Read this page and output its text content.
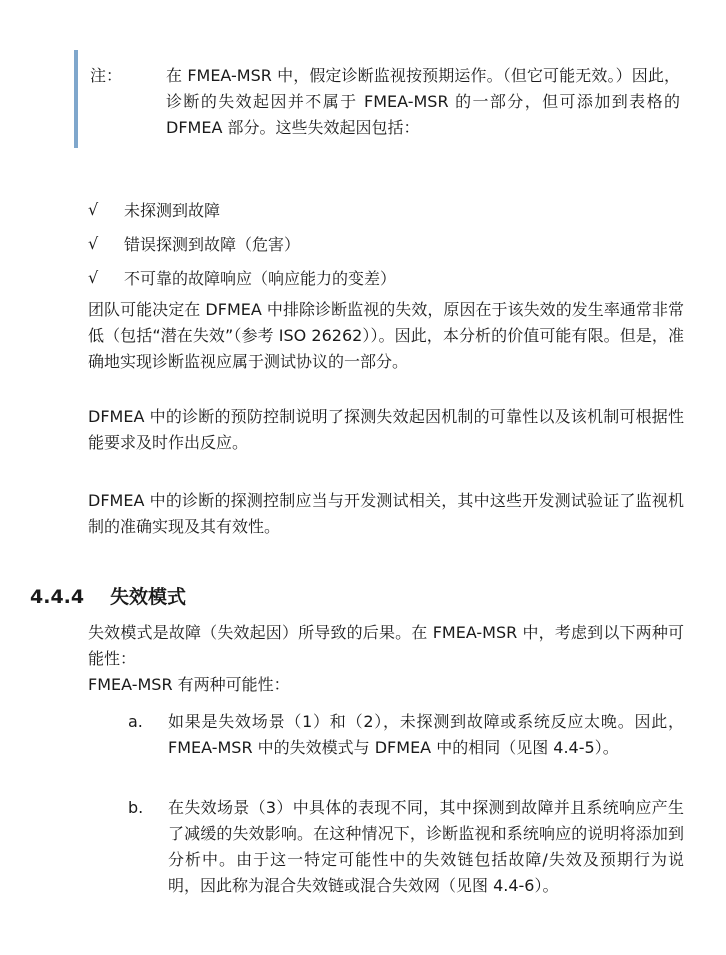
注：	在 FMEA-MSR 中，假定诊断监视按预期运作。（但它可能无效。）因此，诊断的失效起因并不属于 FMEA-MSR 的一部分，但可添加到表格的 DFMEA 部分。这些失效起因包括：
√	未探测到故障
√	错误探测到故障（危害）
√	不可靠的故障响应（响应能力的变差）
团队可能决定在 DFMEA 中排除诊断监视的失效，原因在于该失效的发生率通常非常低（包括“潜在失效”（参考 ISO 26262））。因此，本分析的价值可能有限。但是，准确地实现诊断监视应属于测试协议的一部分。
DFMEA 中的诊断的预防控制说明了探测失效起因机制的可靠性以及该机制可根据性能要求及时作出反应。
DFMEA 中的诊断的探测控制应当与开发测试相关，其中这些开发测试验证了监视机制的准确实现及其有效性。
4.4.4 失效模式
失效模式是故障（失效起因）所导致的后果。在 FMEA-MSR 中，考虑到以下两种可能性：
FMEA-MSR 有两种可能性：
a. 如果是失效场景（1）和（2），未探测到故障或系统反应太晚。因此，FMEA-MSR 中的失效模式与 DFMEA 中的相同（见图 4.4-5）。
b. 在失效场景（3）中具体的表现不同，其中探测到故障并且系统响应产生了减缓的失效影响。在这种情况下，诊断监视和系统响应的说明将添加到分析中。由于这一特定可能性中的失效链包括故障/失效及预期行为说明，因此称为混合失效链或混合失效网（见图 4.4-6）。
